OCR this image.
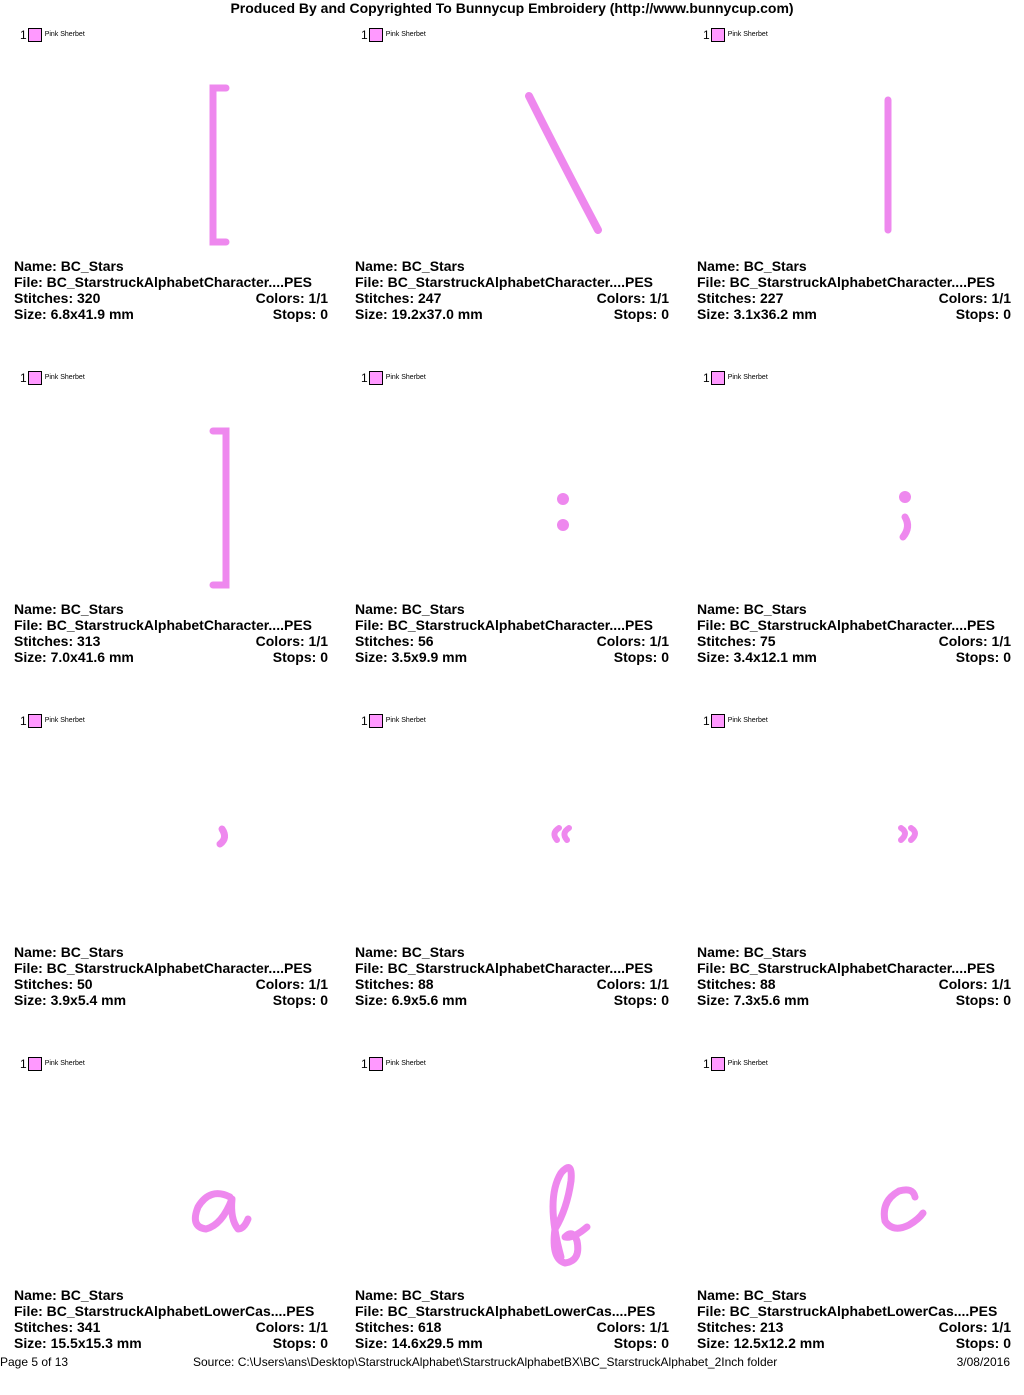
Produced By and Copyrighted To Bunnycup Embroidery (http://www.bunnycup.com)
1	Pink Sherbet
Name: BC_Stars
File: BC_StarstruckAlphabetCharacter....PES
Stitches: 320	Colors: 1/1
Size: 6.8x41.9 mm	Stops: 0
1	Pink Sherbet
Name: BC_Stars
File: BC_StarstruckAlphabetCharacter....PES
Stitches: 247	Colors: 1/1
Size: 19.2x37.0 mm	Stops: 0
1	Pink Sherbet
Name: BC_Stars
File: BC_StarstruckAlphabetCharacter....PES
Stitches: 227	Colors: 1/1
Size: 3.1x36.2 mm	Stops: 0
1	Pink Sherbet
Name: BC_Stars
File: BC_StarstruckAlphabetCharacter....PES
Stitches: 313	Colors: 1/1
Size: 7.0x41.6 mm	Stops: 0
1	Pink Sherbet
Name: BC_Stars
File: BC_StarstruckAlphabetCharacter....PES
Stitches: 56	Colors: 1/1
Size: 3.5x9.9 mm	Stops: 0
1	Pink Sherbet
Name: BC_Stars
File: BC_StarstruckAlphabetCharacter....PES
Stitches: 75	Colors: 1/1
Size: 3.4x12.1 mm	Stops: 0
1	Pink Sherbet
Name: BC_Stars
File: BC_StarstruckAlphabetCharacter....PES
Stitches: 50	Colors: 1/1
Size: 3.9x5.4 mm	Stops: 0
1	Pink Sherbet
Name: BC_Stars
File: BC_StarstruckAlphabetCharacter....PES
Stitches: 88	Colors: 1/1
Size: 6.9x5.6 mm	Stops: 0
1	Pink Sherbet
Name: BC_Stars
File: BC_StarstruckAlphabetCharacter....PES
Stitches: 88	Colors: 1/1
Size: 7.3x5.6 mm	Stops: 0
1	Pink Sherbet
Name: BC_Stars
File: BC_StarstruckAlphabetLowerCas....PES
Stitches: 341	Colors: 1/1
Size: 15.5x15.3 mm	Stops: 0
1	Pink Sherbet
Name: BC_Stars
File: BC_StarstruckAlphabetLowerCas....PES
Stitches: 618	Colors: 1/1
Size: 14.6x29.5 mm	Stops: 0
1	Pink Sherbet
Name: BC_Stars
File: BC_StarstruckAlphabetLowerCas....PES
Stitches: 213	Colors: 1/1
Size: 12.5x12.2 mm	Stops: 0
Page 5 of 13	Source: C:\Users\ans\Desktop\StarstruckAlphabet\StarstruckAlphabetBX\BC_StarstruckAlphabet_2Inch folder	3/08/2016
